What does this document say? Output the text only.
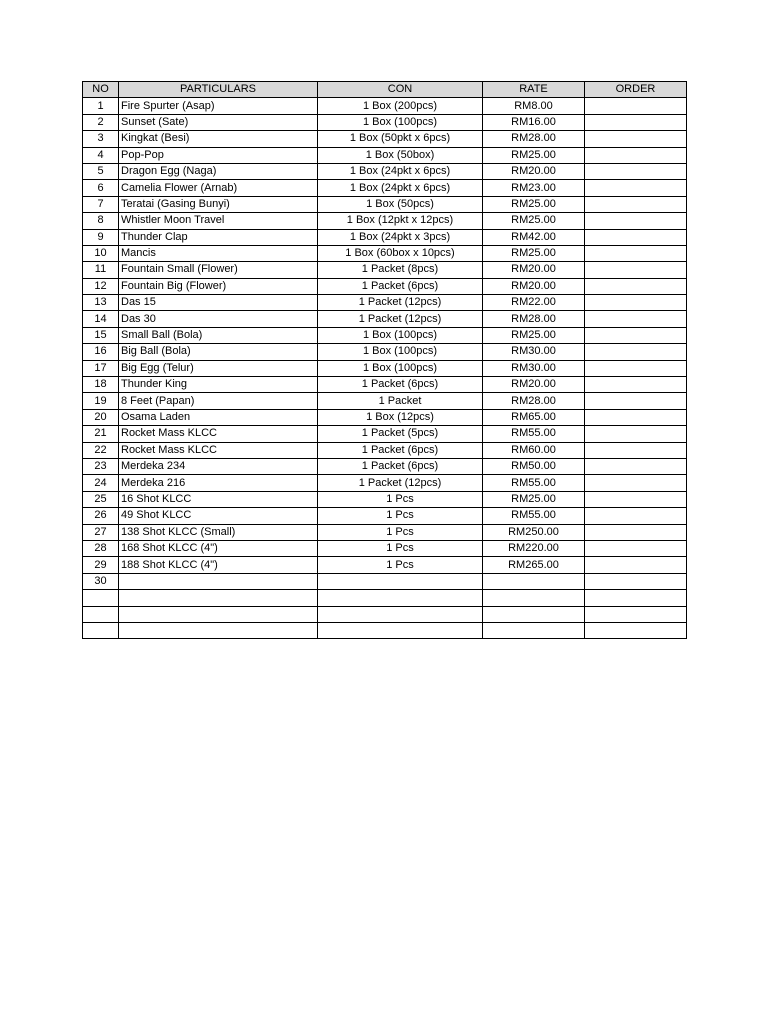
NO	PARTICULARS	CON	RATE	ORDER
1	Fire Spurter (Asap)	1 Box (200pcs)	RM8.00	
2	Sunset (Sate)	1 Box (100pcs)	RM16.00	
3	Kingkat (Besi)	1 Box (50pkt x 6pcs)	RM28.00	
4	Pop-Pop	1 Box (50box)	RM25.00	
5	Dragon Egg (Naga)	1 Box (24pkt x 6pcs)	RM20.00	
6	Camelia Flower (Arnab)	1 Box (24pkt x 6pcs)	RM23.00	
7	Teratai (Gasing Bunyi)	1 Box (50pcs)	RM25.00	
8	Whistler Moon Travel	1 Box (12pkt x 12pcs)	RM25.00	
9	Thunder Clap	1 Box (24pkt x 3pcs)	RM42.00	
10	Mancis	1 Box (60box x 10pcs)	RM25.00	
11	Fountain Small (Flower)	1 Packet (8pcs)	RM20.00	
12	Fountain Big (Flower)	1 Packet (6pcs)	RM20.00	
13	Das 15	1 Packet (12pcs)	RM22.00	
14	Das 30	1 Packet (12pcs)	RM28.00	
15	Small Ball (Bola)	1 Box (100pcs)	RM25.00	
16	Big Ball (Bola)	1 Box (100pcs)	RM30.00	
17	Big Egg (Telur)	1 Box (100pcs)	RM30.00	
18	Thunder King	1 Packet (6pcs)	RM20.00	
19	8 Feet (Papan)	1 Packet	RM28.00	
20	Osama Laden	1 Box (12pcs)	RM65.00	
21	Rocket Mass KLCC	1 Packet (5pcs)	RM55.00	
22	Rocket Mass KLCC	1 Packet (6pcs)	RM60.00	
23	Merdeka 234	1 Packet (6pcs)	RM50.00	
24	Merdeka 216	1 Packet (12pcs)	RM55.00	
25	16 Shot KLCC	1 Pcs	RM25.00	
26	49 Shot KLCC	1 Pcs	RM55.00	
27	138 Shot KLCC (Small)	1 Pcs	RM250.00	
28	168 Shot KLCC (4")	1 Pcs	RM220.00	
29	188 Shot KLCC (4")	1 Pcs	RM265.00	
30				
